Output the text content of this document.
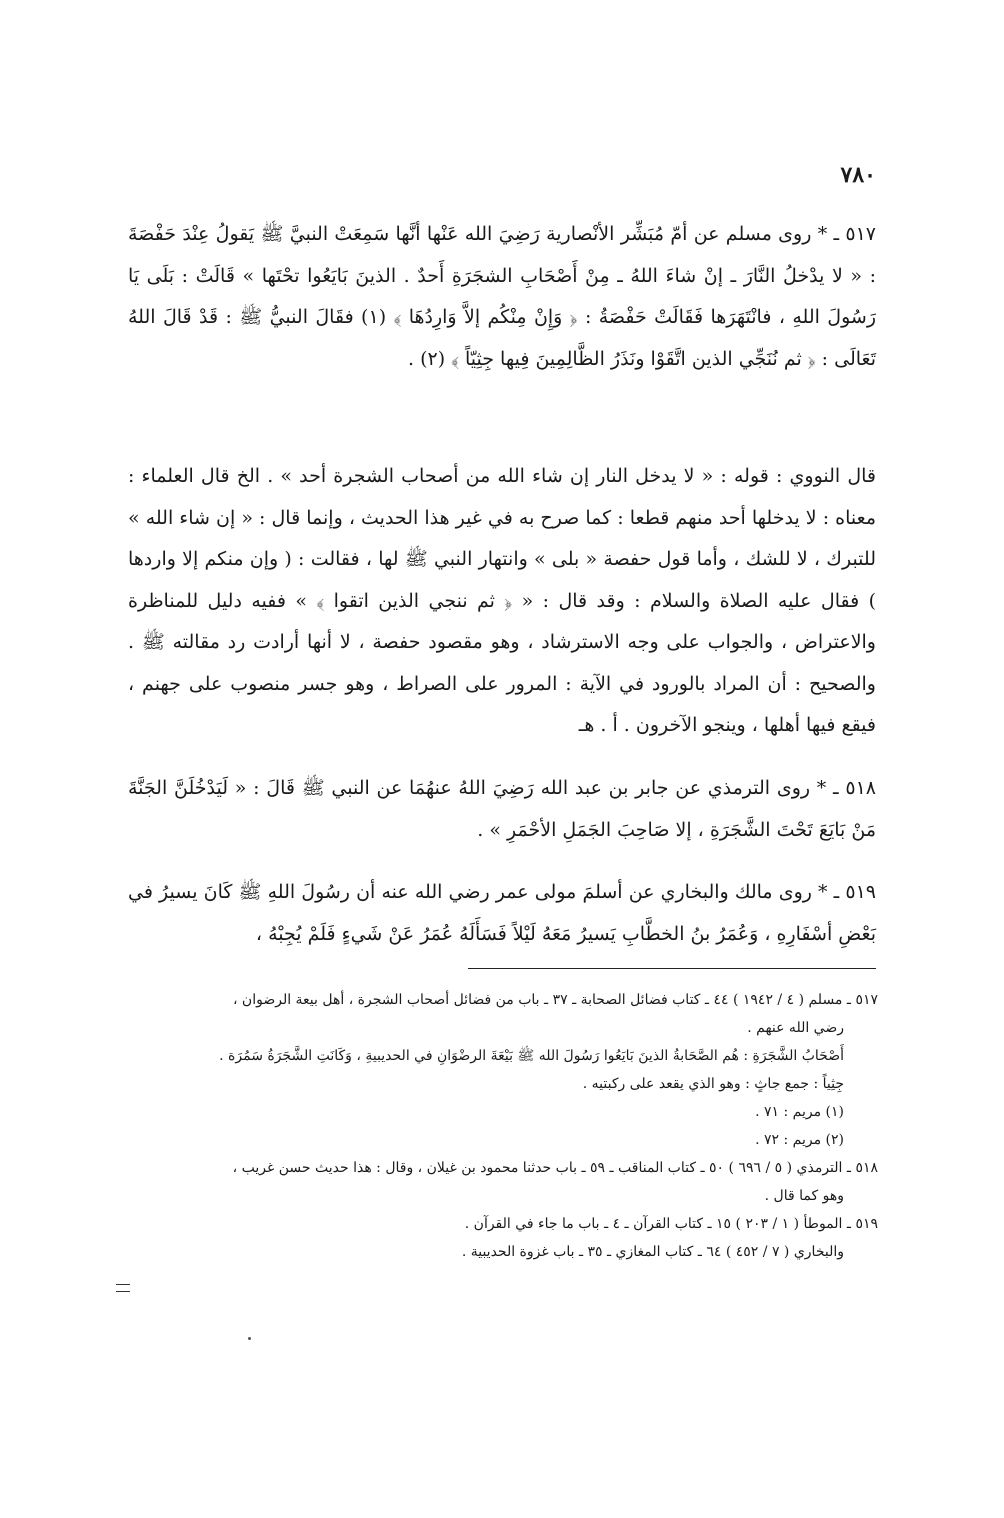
٧٨٠

٥١٧ ـ * روى مسلم عن أمّ مُبَشِّر الأنْصارية رَضِيَ الله عَنْها أنَّها سَمِعَتْ النبيَّ ﷺ يَقولُ عِنْدَ حَفْصَةَ : « لا يدْخلُ النَّارَ ـ إنْ شاءَ اللهُ ـ مِنْ أَصْحَابِ الشجَرَةِ أَحدٌ . الذينَ بَايَعُوا تحْتَها » قَالَتْ : بَلَى يَا رَسُولَ اللهِ ، فانْتَهَرَها فَقَالَتْ حَفْصَةُ : ﴿ وَإِنْ مِنْكُم إلاَّ وَارِدُهَا ﴾ (١) فقَالَ النبيُّ ﷺ : قَدْ قَالَ اللهُ تَعَالَى : ﴿ ثم نُنَجِّي الذين اتَّقَوْا ونَذَرُ الظَّالِمِينَ فِيها جِثِيّاً ﴾ (٢) .

قال النووي : قوله : « لا يدخل النار إن شاء الله من أصحاب الشجرة أحد » . الخ قال العلماء : معناه : لا يدخلها أحد منهم قطعا : كما صرح به في غير هذا الحديث ، وإنما قال : « إن شاء الله » للتبرك ، لا للشك ، وأما قول حفصة « بلى » وانتهار النبي ﷺ لها ، فقالت : ( وإن منكم إلا واردها ) فقال عليه الصلاة والسلام : وقد قال : « ﴿ ثم ننجي الذين اتقوا ﴾ » ففيه دليل للمناظرة والاعتراض ، والجواب على وجه الاسترشاد ، وهو مقصود حفصة ، لا أنها أرادت رد مقالته ﷺ . والصحيح : أن المراد بالورود في الآية : المرور على الصراط ، وهو جسر منصوب على جهنم ، فيقع فيها أهلها ، وينجو الآخرون . أ . هـ

٥١٨ ـ * روى الترمذي عن جابر بن عبد الله رَضِيَ اللهُ عنهُمَا عن النبي ﷺ قَالَ : « لَيَدْخُلَنَّ الجَنَّةَ مَنْ بَايَعَ تَحْتَ الشَّجَرَةِ ، إلا صَاحِبَ الجَمَلِ الأحْمَرِ » .

٥١٩ ـ * روى مالك والبخاري عن أسلمَ مولى عمر رضي الله عنه أن رسُولَ اللهِ ﷺ كَانَ يسيرُ في بَعْضِ أسْفَارِهِ ، وَعُمَرُ بنُ الخطَّابِ يَسيرُ مَعَهُ لَيْلاً فَسَأَلَهُ عُمَرُ عَنْ شَيءٍ فَلَمْ يُجِبْهُ ،

٥١٧ ـ مسلم ( ٤ / ١٩٤٢ ) ٤٤ ـ كتاب فضائل الصحابة ـ ٣٧ ـ باب من فضائل أصحاب الشجرة ، أهل بيعة الرضوان ،
رضي الله عنهم .
أَصْحَابُ الشَّجَرَةِ : هُم الصَّحَابةُ الذينَ بَايَعُوا رَسُولَ الله ﷺ بَيْعَةَ الرضْوَانِ في الحديبيةِ ، وَكَانَتِ الشَّجَرَةُ سَمُرَة .
جِثِياً : جمع جاثٍ : وهو الذي يقعد على ركبتيه .
(١) مريم : ٧١ .
(٢) مريم : ٧٢ .
٥١٨ ـ الترمذي ( ٥ / ٦٩٦ ) ٥٠ ـ كتاب المناقب ـ ٥٩ ـ باب حدثنا محمود بن غيلان ، وقال : هذا حديث حسن غريب ،
وهو كما قال .
٥١٩ ـ الموطأ ( ١ / ٢٠٣ ) ١٥ ـ كتاب القرآن ـ ٤ ـ باب ما جاء في القرآن .
والبخاري ( ٧ / ٤٥٢ ) ٦٤ ـ كتاب المغازي ـ ٣٥ ـ باب غزوة الحديبية .
